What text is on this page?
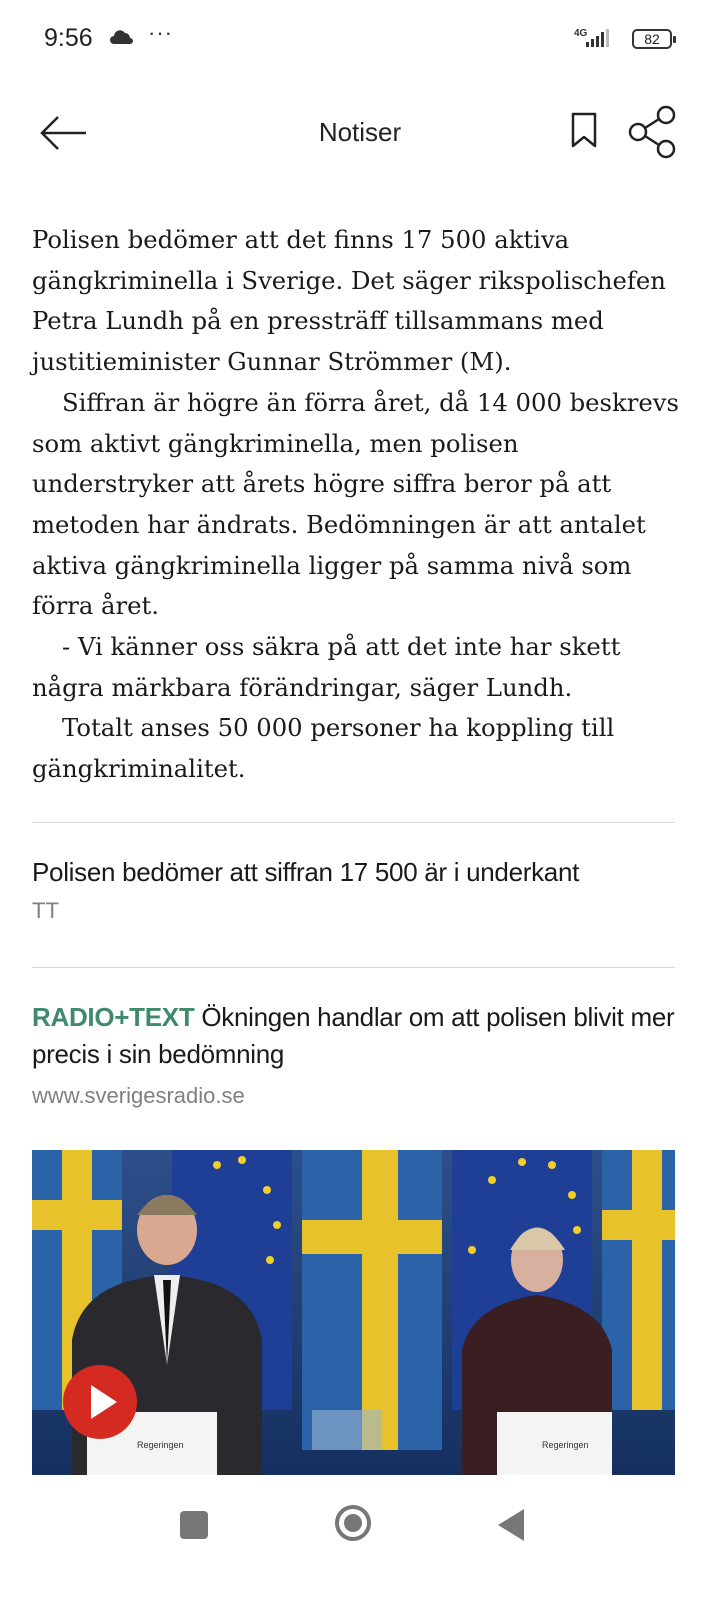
9:56	···	4G	82
Notiser

Polisen bedömer att det finns 17 500 aktiva gängkriminella i Sverige. Det säger rikspolischefen Petra Lundh på en pressträff tillsammans med justitieminister Gunnar Strömmer (M).

Siffran är högre än förra året, då 14 000 beskrevs som aktivt gängkriminella, men polisen understryker att årets högre siffra beror på att metoden har ändrats. Bedömningen är att antalet aktiva gängkriminella ligger på samma nivå som förra året.

- Vi känner oss säkra på att det inte har skett några märkbara förändringar, säger Lundh.

Totalt anses 50 000 personer ha koppling till gängkriminalitet.

Polisen bedömer att siffran 17 500 är i underkant
TT
RADIO+TEXT Ökningen handlar om att polisen blivit mer precis i sin bedömning
www.sverigesradio.se
Regeringen	Regeringen
